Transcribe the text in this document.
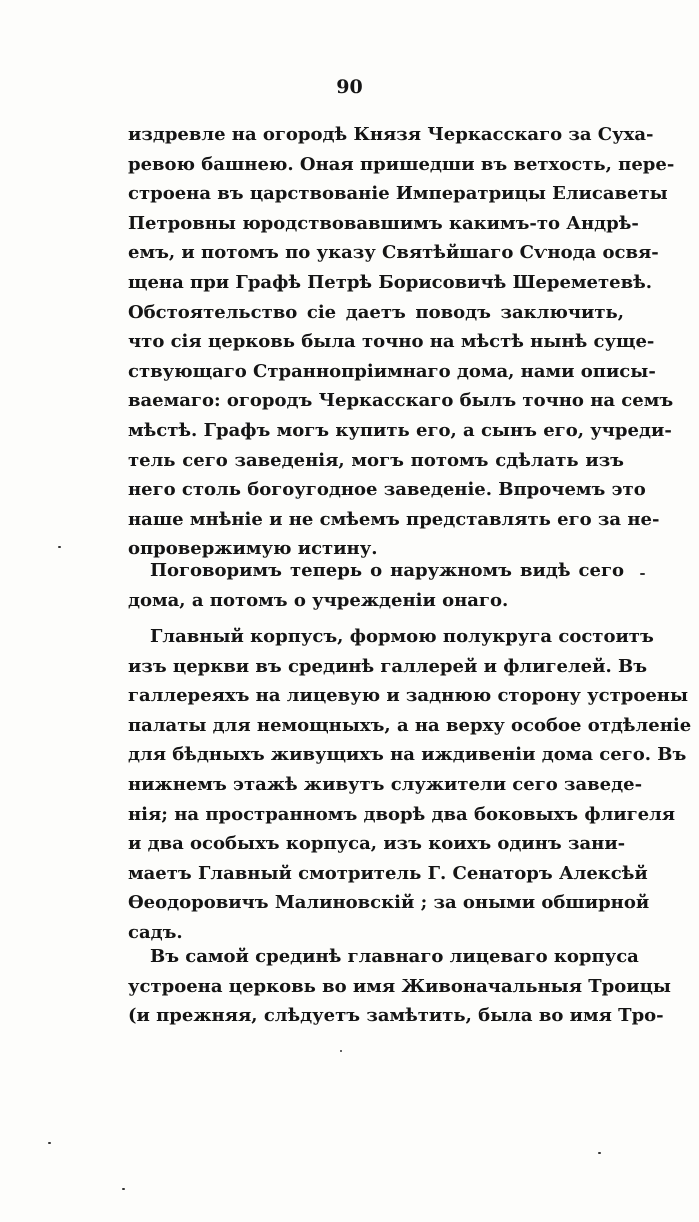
90
издревле на огородѣ Князя Черкасскаго за Суха-
ревою башнею. Оная пришедши въ ветхость, пере-
строена въ царствованіе Императрицы Елисаветы
Петровны юродствовавшимъ какимъ-то Андрѣ-
емъ, и потомъ по указу Святѣйшаго Сѵнода освя-
щена при Графѣ Петрѣ Борисовичѣ Шереметевѣ.
Обстоятельство сіе даетъ поводъ заключить,
что сія церковь была точно на мѣстѣ нынѣ суще-
ствующаго Страннопріимнаго дома, нами описы-
ваемаго: огородъ Черкасскаго былъ точно на семъ
мѣстѣ. Графъ могъ купить его, а сынъ его, учреди-
тель сего заведенія, могъ потомъ сдѣлать изъ
него столь богоугодное заведеніе. Впрочемъ это
наше мнѣніе и не смѣемъ представлять его за не-
опровержимую истину.
Поговоримъ теперь о наружномъ видѣ сего
дома, а потомъ о учрежденіи онаго.
Главный корпусъ, формою полукруга состоитъ
изъ церкви въ срединѣ галлерей и флигелей. Въ
галлереяхъ на лицевую и заднюю сторону устроены
палаты для немощныхъ, а на верху особое отдѣленіе
для бѣдныхъ живущихъ на иждивеніи дома сего. Въ
нижнемъ этажѣ живутъ служители сего заведе-
нія; на пространномъ дворѣ два боковыхъ флигеля
и два особыхъ корпуса, изъ коихъ одинъ зани-
маетъ Главный смотритель Г. Сенаторъ Алексѣй
Ѳеодоровичъ Малиновскій ; за оными обширной
садъ.
Въ самой срединѣ главнаго лицеваго корпуса
устроена церковь во имя Живоначальныя Троицы
(и прежняя, слѣдуетъ замѣтить, была во имя Тро-
